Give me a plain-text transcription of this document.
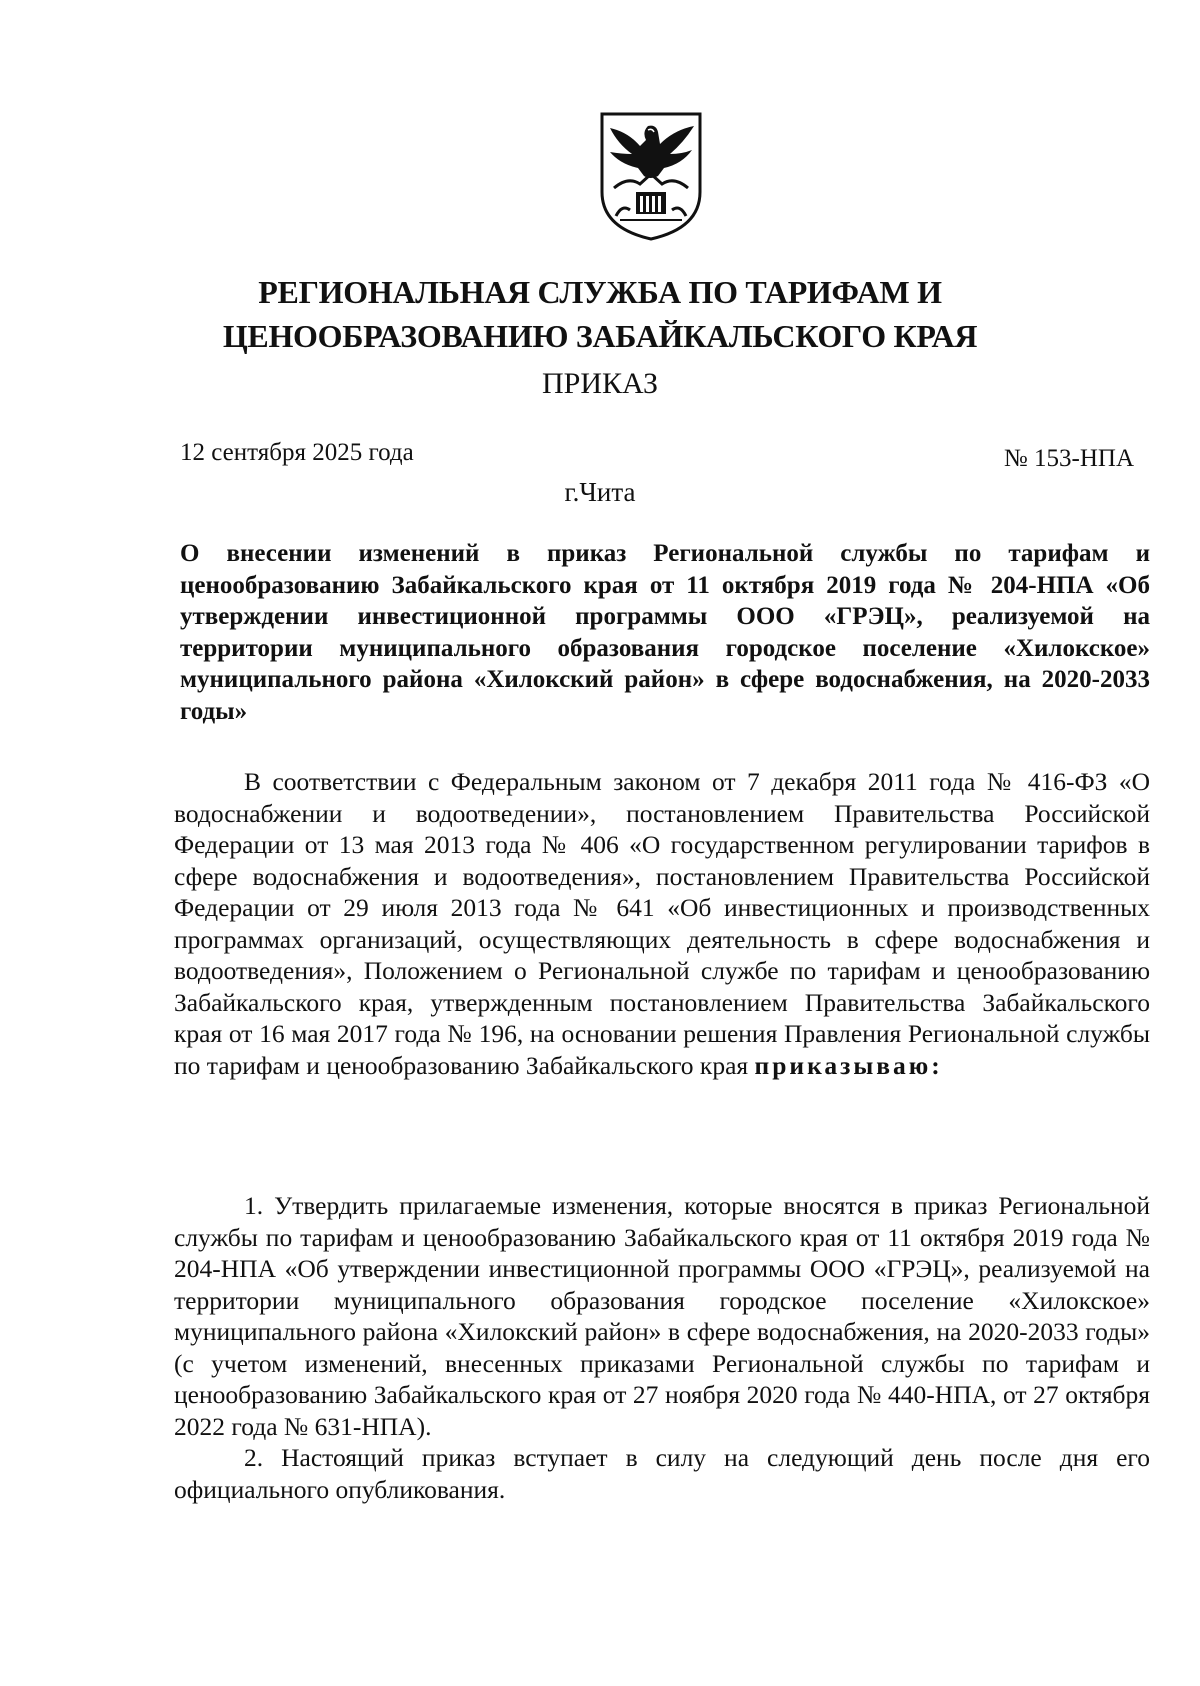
РЕГИОНАЛЬНАЯ СЛУЖБА ПО ТАРИФАМ И
ЦЕНООБРАЗОВАНИЮ ЗАБАЙКАЛЬСКОГО КРАЯ
ПРИКАЗ
12 сентября 2025 года	№ 153-НПА
г.Чита
О внесении изменений в приказ Региональной службы по тарифам и ценообразованию Забайкальского края от 11 октября 2019 года № 204-НПА «Об утверждении инвестиционной программы ООО «ГРЭЦ», реализуемой на территории муниципального образования городское поселение «Хилокское» муниципального района «Хилокский район» в сфере водоснабжения, на 2020-2033 годы»

В соответствии с Федеральным законом от 7 декабря 2011 года № 416-ФЗ «О водоснабжении и водоотведении», постановлением Правительства Российской Федерации от 13 мая 2013 года № 406 «О государственном регулировании тарифов в сфере водоснабжения и водоотведения», постановлением Правительства Российской Федерации от 29 июля 2013 года № 641 «Об инвестиционных и производственных программах организаций, осуществляющих деятельность в сфере водоснабжения и водоотведения», Положением о Региональной службе по тарифам и ценообразованию Забайкальского края, утвержденным постановлением Правительства Забайкальского края от 16 мая 2017 года № 196, на основании решения Правления Региональной службы по тарифам и ценообразованию Забайкальского края приказываю:

1. Утвердить прилагаемые изменения, которые вносятся в приказ Региональной службы по тарифам и ценообразованию Забайкальского края от 11 октября 2019 года № 204-НПА «Об утверждении инвестиционной программы ООО «ГРЭЦ», реализуемой на территории муниципального образования городское поселение «Хилокское» муниципального района «Хилокский район» в сфере водоснабжения, на 2020-2033 годы» (с учетом изменений, внесенных приказами Региональной службы по тарифам и ценообразованию Забайкальского края от 27 ноября 2020 года № 440-НПА, от 27 октября 2022 года № 631-НПА).

2. Настоящий приказ вступает в силу на следующий день после дня его официального опубликования.
